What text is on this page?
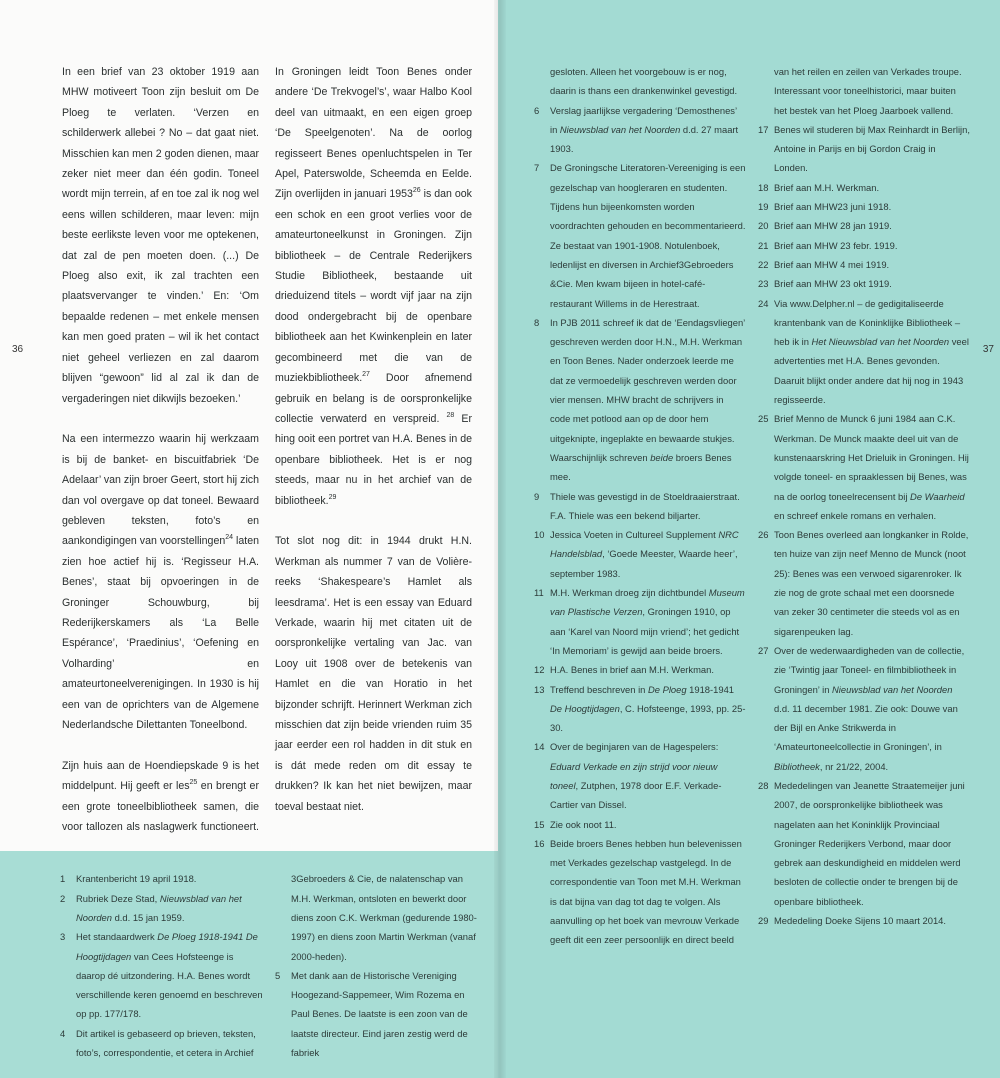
In een brief van 23 oktober 1919 aan MHW motiveert Toon zijn besluit om De Ploeg te verlaten. ‘Verzen en schilderwerk allebei ? No – dat gaat niet. Misschien kan men 2 goden dienen, maar zeker niet meer dan één godin. Toneel wordt mijn terrein, af en toe zal ik nog wel eens willen schilderen, maar leven: mijn beste eerlikste leven voor me optekenen, dat zal de pen moeten doen. (...) De Ploeg also exit, ik zal trachten een plaatsvervanger te vinden.’ En: ‘Om bepaalde redenen – met enkele mensen kan men goed praten – wil ik het contact niet geheel verliezen en zal daarom blijven “gewoon” lid al zal ik dan de vergaderingen niet dikwijls bezoeken.’

Na een intermezzo waarin hij werkzaam is bij de banket- en biscuitfabriek ‘De Adelaar’ van zijn broer Geert, stort hij zich dan vol overgave op dat toneel. Bewaard gebleven teksten, foto’s en aankondigingen van voorstellingen$^{24}$ laten zien hoe actief hij is. ‘Regisseur H.A. Benes’, staat bij opvoeringen in de Groninger Schouwburg, bij Rederijkerskamers als ‘La Belle Espérance’, ‘Praedinius’, ‘Oefening en Volharding’ en amateurtoneelverenigingen. In 1930 is hij een van de oprichters van de Algemene Nederlandsche Dilettanten Toneelbond.

Zijn huis aan de Hoendiepskade 9 is het middelpunt. Hij geeft er les$^{25}$ en brengt er een grote toneelbibliotheek samen, die voor tallozen als naslagwerk functioneert. In Groningen leidt Toon Benes onder andere ‘De Trekvogel’s’, waar Halbo Kool deel van uitmaakt, en een eigen groep ‘De Speelgenoten’. Na de oorlog regisseert Benes openluchtspelen in Ter Apel, Paterswolde, Scheemda en Eelde. Zijn overlijden in januari 1953$^{26}$ is dan ook een schok en een groot verlies voor de amateurtoneelkunst in Groningen. Zijn bibliotheek – de Centrale Rederijkers Studie Bibliotheek, bestaande uit drieduizend titels – wordt vijf jaar na zijn dood ondergebracht bij de openbare bibliotheek aan het Kwinkenplein en later gecombineerd met die van de muziekbibliotheek.$^{27}$ Door afnemend gebruik en belang is de oorspronkelijke collectie verwaterd en verspreid. $^{28}$ Er hing ooit een portret van H.A. Benes in de openbare bibliotheek. Het is er nog steeds, maar nu in het archief van de bibliotheek.$^{29}$

Tot slot nog dit: in 1944 drukt H.N. Werkman als nummer 7 van de Volière-reeks ‘Shakespeare’s Hamlet als leesdrama’. Het is een essay van Eduard Verkade, waarin hij met citaten uit de oorspronkelijke vertaling van Jac. van Looy uit 1908 over de betekenis van Hamlet en die van Horatio in het bijzonder schrijft. Herinnert Werkman zich misschien dat zijn beide vrienden ruim 35 jaar eerder een rol hadden in dit stuk en is dát mede reden om dit essay te drukken? Ik kan het niet bewijzen, maar toeval bestaat niet.

1 Krantenbericht 19 april 1918.
2 Rubriek Deze Stad, Nieuwsblad van het Noorden d.d. 15 jan 1959.
3 Het standaardwerk De Ploeg 1918-1941 De Hoogtijdagen van Cees Hofsteenge is daarop dé uitzondering. H.A. Benes wordt verschillende keren genoemd en beschreven op pp. 177/178.
4 Dit artikel is gebaseerd op brieven, teksten, foto’s, correspondentie, et cetera in Archief 3Gebroeders & Cie, de nalatenschap van M.H. Werkman, ontsloten en bewerkt door diens zoon C.K. Werkman (gedurende 1980-1997) en diens zoon Martin Werkman (vanaf 2000-heden).
5 Met dank aan de Historische Vereniging Hoogezand-Sappemeer, Wim Rozema en Paul Benes. De laatste is een zoon van de laatste directeur. Eind jaren zestig werd de fabriek
36
gesloten. Alleen het voorgebouw is er nog, daarin is thans een drankenwinkel gevestigd.
6 Verslag jaarlijkse vergadering ‘Demosthenes’ in Nieuwsblad van het Noorden d.d. 27 maart 1903.
7 De Groningsche Literatoren-Vereeniging is een gezelschap van hoogleraren en studenten. Tijdens hun bijeenkomsten worden voordrachten gehouden en becommentarieerd. Ze bestaat van 1901-1908. Notulenboek, ledenlijst en diversen in Archief3Gebroeders &Cie. Men kwam bijeen in hotel-café-restaurant Willems in de Herestraat.
8 In PJB 2011 schreef ik dat de ‘Eendagsvliegen’ geschreven werden door H.N., M.H. Werkman en Toon Benes. Nader onderzoek leerde me dat ze vermoedelijk geschreven werden door vier mensen. MHW bracht de schrijvers in code met potlood aan op de door hem uitgeknipte, ingeplakte en bewaarde stukjes. Waarschijnlijk schreven beide broers Benes mee.
9 Thiele was gevestigd in de Stoeldraaierstraat. F.A. Thiele was een bekend biljarter.
10 Jessica Voeten in Cultureel Supplement NRC Handelsblad, ‘Goede Meester, Waarde heer’, september 1983.
11 M.H. Werkman droeg zijn dichtbundel Museum van Plastische Verzen, Groningen 1910, op aan ‘Karel van Noord mijn vriend’; het gedicht ‘In Memoriam’ is gewijd aan beide broers.
12 H.A. Benes in brief aan M.H. Werkman.
13 Treffend beschreven in De Ploeg 1918-1941 De Hoogtijdagen, C. Hofsteenge, 1993, pp. 25-30.
14 Over de beginjaren van de Hagespelers: Eduard Verkade en zijn strijd voor nieuw toneel, Zutphen, 1978 door E.F. Verkade-Cartier van Dissel.
15 Zie ook noot 11.
16 Beide broers Benes hebben hun belevenissen met Verkades gezelschap vastgelegd. In de correspondentie van Toon met M.H. Werkman is dat bijna van dag tot dag te volgen. Als aanvulling op het boek van mevrouw Verkade geeft dit een zeer persoonlijk en direct beeld van het reilen en zeilen van Verkades troupe. Interessant voor toneelhistorici, maar buiten het bestek van het Ploeg Jaarboek vallend.
17 Benes wil studeren bij Max Reinhardt in Berlijn, Antoine in Parijs en bij Gordon Craig in Londen.
18 Brief aan M.H. Werkman.
19 Brief aan MHW23 juni 1918.
20 Brief aan MHW 28 jan 1919.
21 Brief aan MHW 23 febr. 1919.
22 Brief aan MHW 4 mei 1919.
23 Brief aan MHW 23 okt 1919.
24 Via www.Delpher.nl – de gedigitaliseerde krantenbank van de Koninklijke Bibliotheek – heb ik in Het Nieuwsblad van het Noorden veel advertenties met H.A. Benes gevonden. Daaruit blijkt onder andere dat hij nog in 1943 regisseerde.
25 Brief Menno de Munck 6 juni 1984 aan C.K. Werkman. De Munck maakte deel uit van de kunstenaarskring Het Drieluik in Groningen. Hij volgde toneel- en spraaklessen bij Benes, was na de oorlog toneelrecensent bij De Waarheid en schreef enkele romans en verhalen.
26 Toon Benes overleed aan longkanker in Rolde, ten huize van zijn neef Menno de Munck (noot 25): Benes was een verwoed sigarenroker. Ik zie nog de grote schaal met een doorsnede van zeker 30 centimeter die steeds vol as en sigarenpeuken lag.
27 Over de wederwaardigheden van de collectie, zie ‘Twintig jaar Toneel- en filmbibliotheek in Groningen’ in Nieuwsblad van het Noorden d.d. 11 december 1981. Zie ook: Douwe van der Bijl en Anke Strikwerda in ‘Amateurtoneelcollectie in Groningen’, in Bibliotheek, nr 21/22, 2004.
28 Mededelingen van Jeanette Straatemeijer juni 2007, de oorspronkelijke bibliotheek was nagelaten aan het Koninklijk Provinciaal Groninger Rederijkers Verbond, maar door gebrek aan deskundigheid en middelen werd besloten de collectie onder te brengen bij de openbare bibliotheek.
29 Mededeling Doeke Sijens 10 maart 2014.
37
